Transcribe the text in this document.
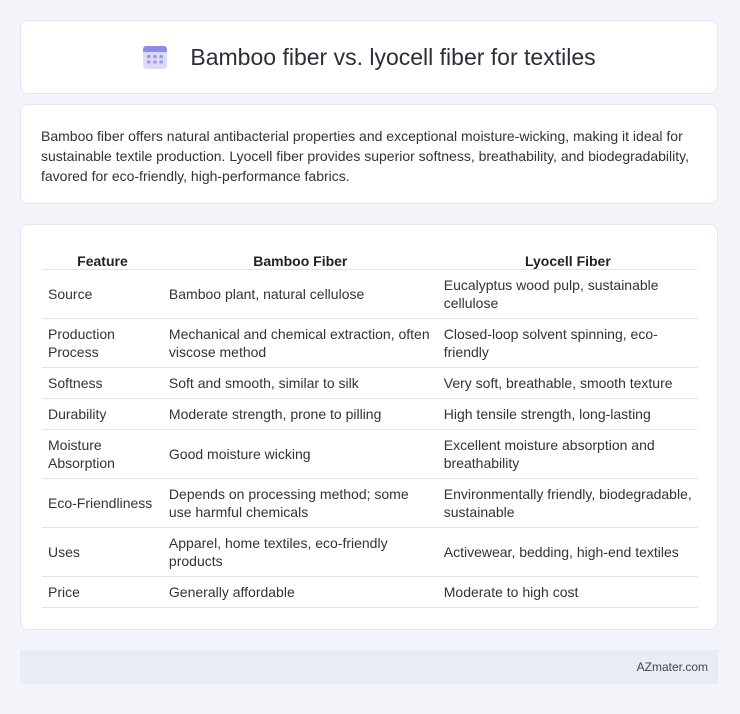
Bamboo fiber vs. lyocell fiber for textiles

Bamboo fiber offers natural antibacterial properties and exceptional moisture-wicking, making it ideal for sustainable textile production. Lyocell fiber provides superior softness, breathability, and biodegradability, favored for eco-friendly, high-performance fabrics.

Feature	Bamboo Fiber	Lyocell Fiber
Source	Bamboo plant, natural cellulose	Eucalyptus wood pulp, sustainable cellulose
Production Process	Mechanical and chemical extraction, often viscose method	Closed-loop solvent spinning, eco-friendly
Softness	Soft and smooth, similar to silk	Very soft, breathable, smooth texture
Durability	Moderate strength, prone to pilling	High tensile strength, long-lasting
Moisture Absorption	Good moisture wicking	Excellent moisture absorption and breathability
Eco-Friendliness	Depends on processing method; some use harmful chemicals	Environmentally friendly, biodegradable, sustainable
Uses	Apparel, home textiles, eco-friendly products	Activewear, bedding, high-end textiles
Price	Generally affordable	Moderate to high cost
AZmater.com
